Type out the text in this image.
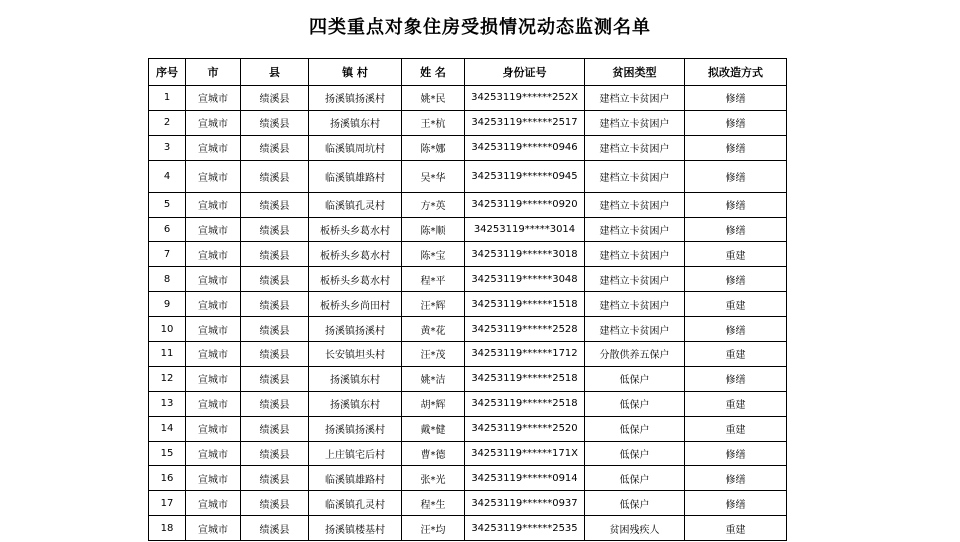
四类重点对象住房受损情况动态监测名单
序号	市	县	镇 村	姓 名	身份证号	贫困类型	拟改造方式
1	宣城市	绩溪县	扬溪镇扬溪村	姚*民	34253119******252X	建档立卡贫困户	修缮
2	宣城市	绩溪县	扬溪镇东村	王*杭	34253119******2517	建档立卡贫困户	修缮
3	宣城市	绩溪县	临溪镇周坑村	陈*娜	34253119******0946	建档立卡贫困户	修缮
4	宣城市	绩溪县	临溪镇雄路村	吴*华	34253119******0945	建档立卡贫困户	修缮
5	宣城市	绩溪县	临溪镇孔灵村	方*英	34253119******0920	建档立卡贫困户	修缮
6	宣城市	绩溪县	板桥头乡葛水村	陈*顺	34253119*****3014	建档立卡贫困户	修缮
7	宣城市	绩溪县	板桥头乡葛水村	陈*宝	34253119******3018	建档立卡贫困户	重建
8	宣城市	绩溪县	板桥头乡葛水村	程*平	34253119******3048	建档立卡贫困户	修缮
9	宣城市	绩溪县	板桥头乡尚田村	汪*辉	34253119******1518	建档立卡贫困户	重建
10	宣城市	绩溪县	扬溪镇扬溪村	黄*花	34253119******2528	建档立卡贫困户	修缮
11	宣城市	绩溪县	长安镇坦头村	汪*茂	34253119******1712	分散供养五保户	重建
12	宣城市	绩溪县	扬溪镇东村	姚*洁	34253119******2518	低保户	修缮
13	宣城市	绩溪县	扬溪镇东村	胡*辉	34253119******2518	低保户	重建
14	宣城市	绩溪县	扬溪镇扬溪村	戴*健	34253119******2520	低保户	重建
15	宣城市	绩溪县	上庄镇宅后村	曹*德	34253119******171X	低保户	修缮
16	宣城市	绩溪县	临溪镇雄路村	张*光	34253119******0914	低保户	修缮
17	宣城市	绩溪县	临溪镇孔灵村	程*生	34253119******0937	低保户	修缮
18	宣城市	绩溪县	扬溪镇楼基村	汪*均	34253119******2535	贫困残疾人	重建
